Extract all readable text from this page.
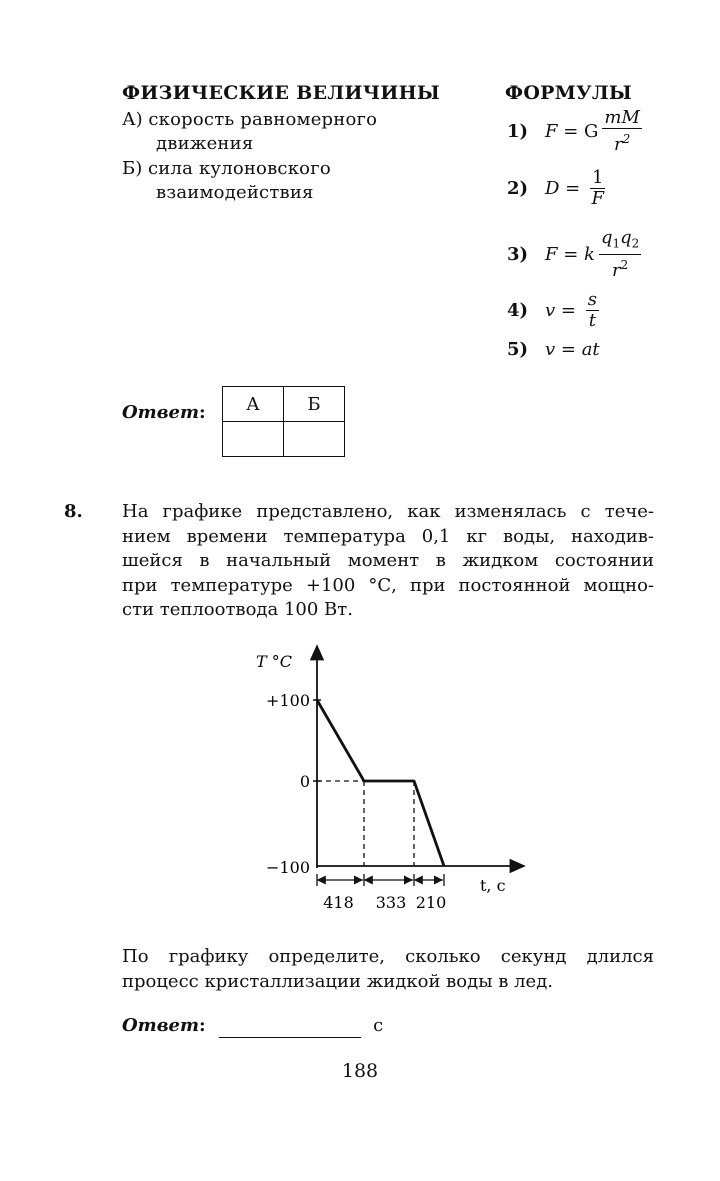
ФИЗИЧЕСКИЕ ВЕЛИЧИНЫ	ФОРМУЛЫ
А) скорость равномерного
движения
Б) сила кулоновского
взаимодействия
1) F = G $\frac{mM}{r^2}$
2) $D = \frac{1}{F}$
3) F = k $\frac{q_1q_2}{r^2}$
4) $v = \frac{s}{t}$
5) v = at
Ответ: А	Б

8. На графике представлено, как изменялась с тече-

нием времени температура 0,1 кг воды, находив-

шейся в начальный момент в жидком состоянии

при температуре +100 °С, при постоянной мощно-

сти теплоотвода 100 Вт.

T °C
t, с
+100
0
−100
418 333 210

По графику определите, сколько секунд длился

процесс кристаллизации жидкой воды в лед.

Ответ:	с
188
